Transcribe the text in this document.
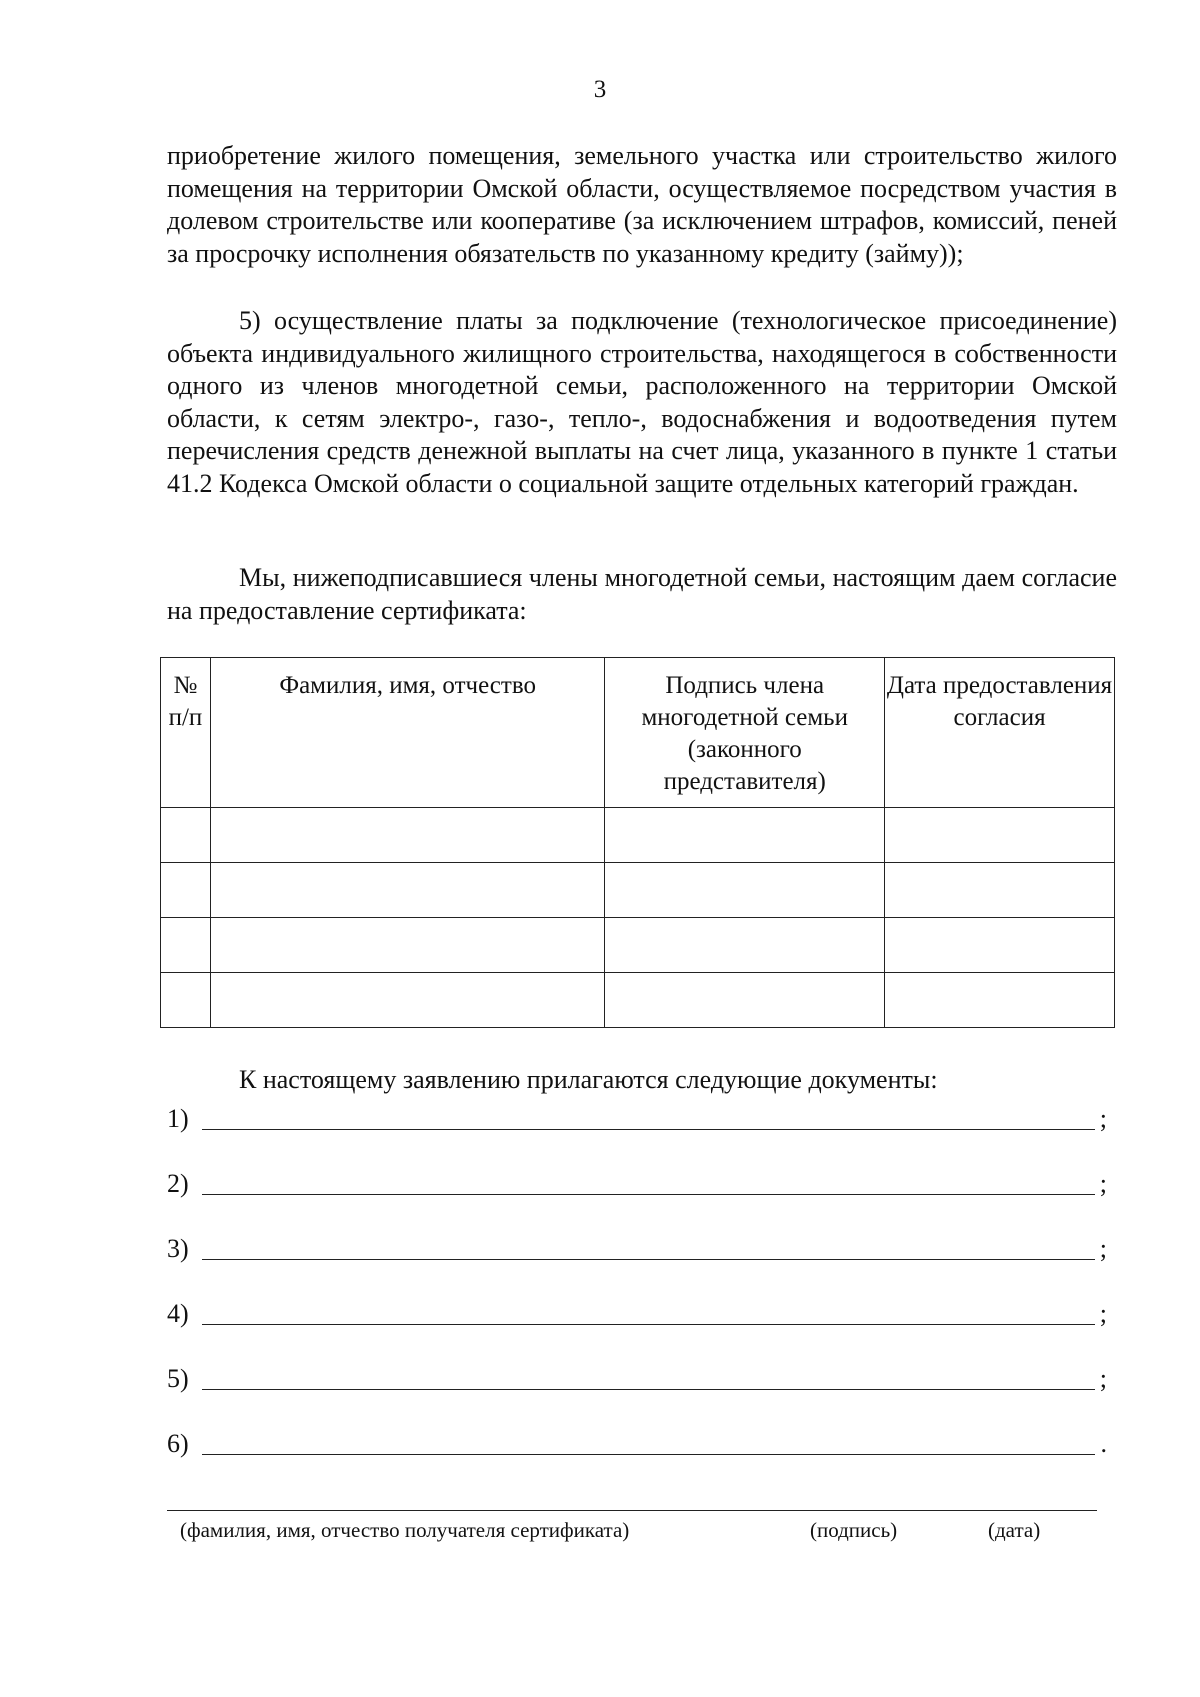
3

приобретение жилого помещения, земельного участка или строительство жилого помещения на территории Омской области, осуществляемое посредством участия в долевом строительстве или кооперативе (за исключением штрафов, комиссий, пеней за просрочку исполнения обязательств по указанному кредиту (займу));

5) осуществление платы за подключение (технологическое присоединение) объекта индивидуального жилищного строительства, находящегося в собственности одного из членов многодетной семьи, расположенного на территории Омской области, к сетям электро-, газо-, тепло-, водоснабжения и водоотведения путем перечисления средств денежной выплаты на счет лица, указанного в пункте 1 статьи 41.2 Кодекса Омской области о социальной защите отдельных категорий граждан.

Мы, нижеподписавшиеся члены многодетной семьи, настоящим даем согласие на предоставление сертификата:

№ п/п	Фамилия, имя, отчество	Подпись члена многодетной семьи (законного представителя)	Дата предоставления согласия

К настоящему заявлению прилагаются следующие документы:
1)	;
2)	;
3)	;
4)	;
5)	;
6)	.
(фамилия, имя, отчество получателя сертификата)	(подпись)	(дата)
